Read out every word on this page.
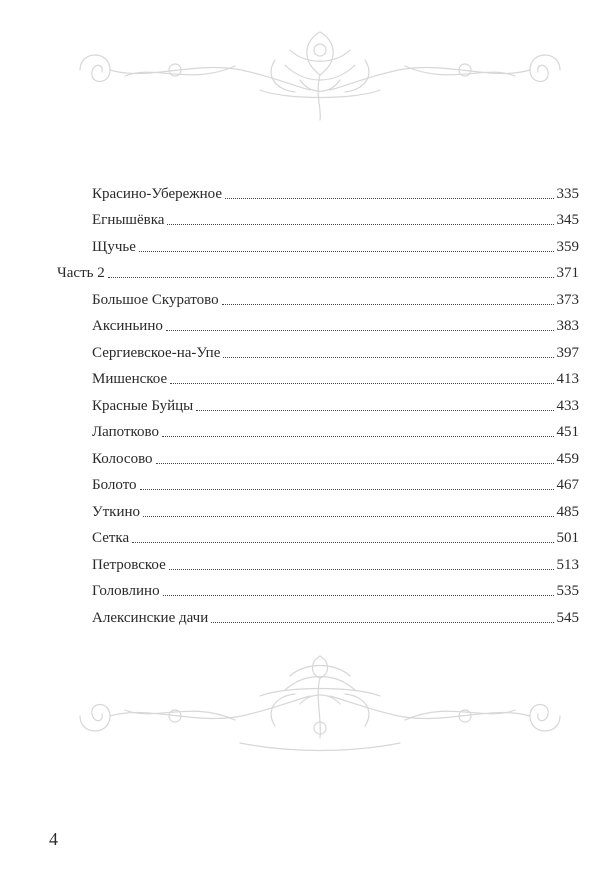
Красино-Убережное	335
Егнышёвка	345
Щучье	359
Часть 2	371
Большое Скуратово	373
Аксиньино	383
Сергиевское-на-Упе	397
Мишенское	413
Красные Буйцы	433
Лапотково	451
Колосово	459
Болото	467
Уткино	485
Сетка	501
Петровское	513
Головлино	535
Алексинские дачи	545
4
